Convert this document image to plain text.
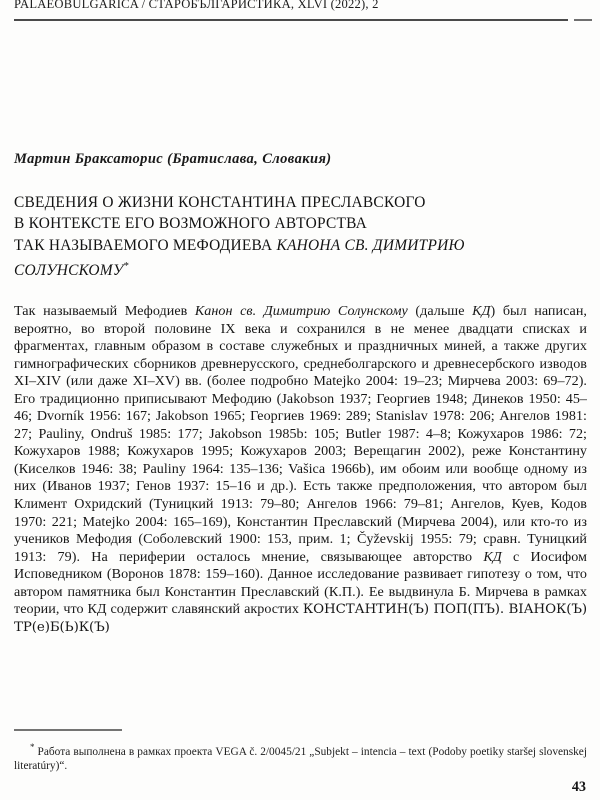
PALAEOBULGARICA / СТАРОБЪЛГАРИСТИКА, XLVI (2022), 2
Мартин Браксаторис (Братислава, Словакия)
СВЕДЕНИЯ О ЖИЗНИ КОНСТАНТИНА ПРЕСЛАВСКОГО
В КОНТЕКСТЕ ЕГО ВОЗМОЖНОГО АВТОРСТВА
ТАК НАЗЫВАЕМОГО МЕФОДИЕВА КАНОНА СВ. ДИМИТРИЮ
СОЛУНСКОМУ*

Так называемый Мефодиев Канон св. Димитрию Солунскому (дальше КД) был написан, вероятно, во второй половине IX века и сохранился в не менее двадцати списках и фрагментах, главным образом в составе служебных и праздничных миней, а также других гимнографических сборников древнерусского, среднеболгарского и древнесербского изводов XI–XIV (или даже XI–XV) вв. (более подробно Matejko 2004: 19–23; Мирчева 2003: 69–72). Его традиционно приписывают Мефодию (Jakobson 1937; Георгиев 1948; Динеков 1950: 45–46; Dvorník 1956: 167; Jakobson 1965; Георгиев 1969: 289; Stanislav 1978: 206; Ангелов 1981: 27; Pauliny, Ondruš 1985: 177; Jakobson 1985b: 105; Butler 1987: 4–8; Кожухаров 1986: 72; Кожухаров 1988; Кожухаров 1995; Кожухаров 2003; Верещагин 2002), реже Константину (Киселков 1946: 38; Pauliny 1964: 135–136; Vašica 1966b), им обоим или вообще одному из них (Иванов 1937; Генов 1937: 15–16 и др.). Есть также предположения, что автором был Климент Охридский (Туницкий 1913: 79–80; Ангелов 1966: 79–81; Ангелов, Куев, Кодов 1970: 221; Matejko 2004: 165–169), Константин Преславский (Мирчева 2004), или кто-то из учеников Мефодия (Соболевский 1900: 153, прим. 1; Čyževskij 1955: 79; сравн. Туницкий 1913: 79). На периферии осталось мнение, связывающее авторство КД с Иосифом Исповедником (Воронов 1878: 159–160). Данное исследование развивает гипотезу о том, что автором памятника был Константин Преславский (К.П.). Ее выдвинула Б. Мирчева в рамках теории, что КД содержит славянский акростих КОНСТАНТИН(Ъ) ПОП(ПЪ). ВІАНОК(Ъ) ТР(е)Б(Ь)К(Ъ)

* Работа выполнена в рамках проекта VEGA č. 2/0045/21 „Subjekt – intencia – text (Podoby poetiky staršej slovenskej literatúry)“.

43
